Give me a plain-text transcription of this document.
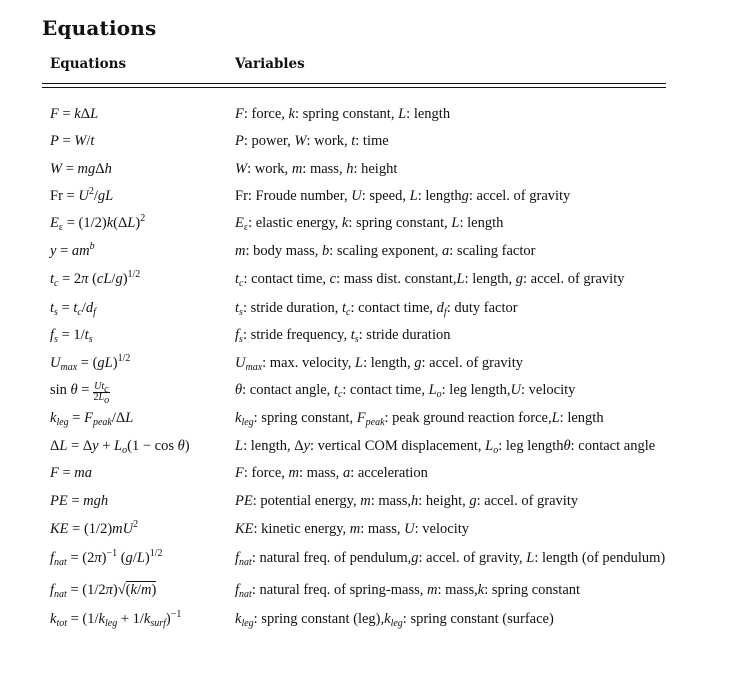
Equations
Equations	Variables
F = kΔL	F: force, k: spring constant, L: length
P = W/t	P: power, W: work, t: time
W = mgΔh	W: work, m: mass, h: height
$Fr = U^2/gL$	Fr: Froude number, U: speed, L: lengthg: accel. of gravity
$E_\varepsilon = (1/2)k(\Delta L)^2$	$E_\varepsilon$: elastic energy, k: spring constant, L: length
$y = am^b$	m: body mass, b: scaling exponent, a: scaling factor
$t_c = 2\pi$ $(cL/g)^{1/2}$	$t_c$: contact time, c: mass dist. constant,L: length, g: accel. of gravity
$t_s = t_c/d_f$	$t_s$: stride duration, $t_c$: contact time, $d_f$: duty factor
$f_s = 1/t_s$	$f_s$: stride frequency, $t_s$: stride duration
$U_{max} = (gL)^{1/2}$	$U_{max}$: max. velocity, L: length, g: accel. of gravity
$\sin \theta = \frac{Ut_c}{2L_o}$	θ: contact angle, $t_c$: contact time, $L_o$: leg length,U: velocity
$k_{leg} = F_{peak}/\Delta L$	$k_{leg}$: spring constant, $F_{peak}$: peak ground reaction force,L: length
$\Delta L = \Delta y + L_o(1 - \cos \theta)$	L: length, Δy: vertical COM displacement, $L_o$: leg lengthθ: contact angle
F = ma	F: force, m: mass, a: acceleration
PE = mgh	PE: potential energy, m: mass,h: height, g: accel. of gravity
KE = $(1/2)mU^2$	KE: kinetic energy, m: mass, U: velocity
$f_{nat} = (2\pi)^{-1}$ $(g/L)^{1/2}$	$f_{nat}$: natural freq. of pendulum,g: accel. of gravity, L: length (of pendulum)
$f_{nat} = (1/2\pi)√(k/m)$	$f_{nat}$: natural freq. of spring-mass, m: mass,k: spring constant
$k_{tot} = (1/k_{leg} + 1/k_{surf})^{-1}$	$k_{leg}$: spring constant $(leg),k_{leg}$: spring constant (surface)
